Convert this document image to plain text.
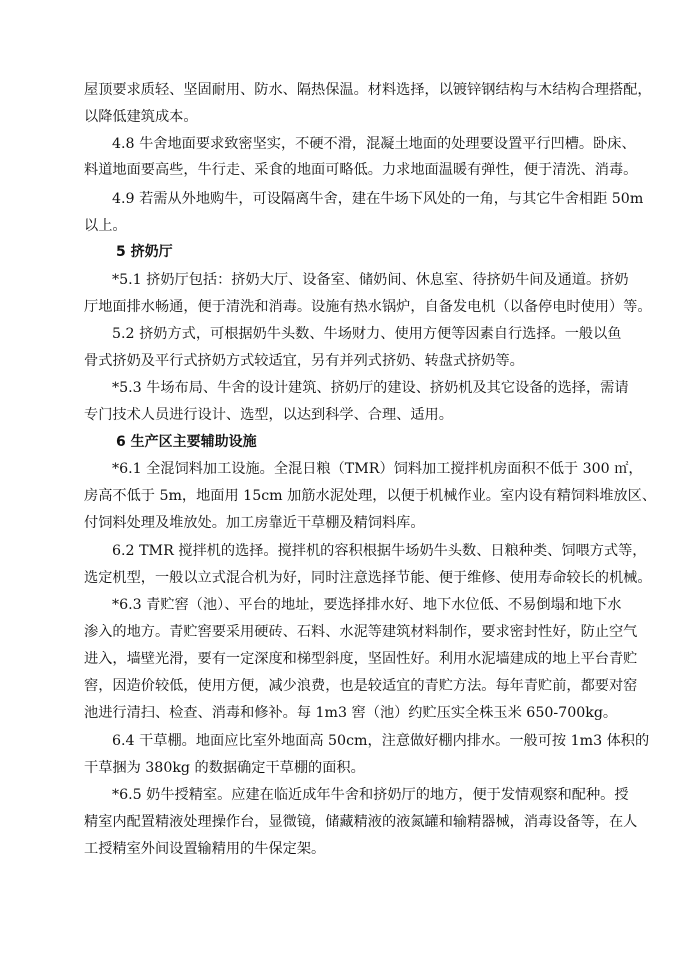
屋顶要求质轻、坚固耐用、防水、隔热保温。材料选择，以镀锌钢结构与木结构合理搭配，
以降低建筑成本。
4.8 牛舍地面要求致密坚实，不硬不滑，混凝土地面的处理要设置平行凹槽。卧床、
料道地面要高些，牛行走、采食的地面可略低。力求地面温暖有弹性，便于清洗、消毒。
4.9 若需从外地购牛，可设隔离牛舍，建在牛场下风处的一角，与其它牛舍相距 50m
以上。
5 挤奶厅
*5.1 挤奶厅包括：挤奶大厅、设备室、储奶间、休息室、待挤奶牛间及通道。挤奶
厅地面排水畅通，便于清洗和消毒。设施有热水锅炉，自备发电机（以备停电时使用）等。
5.2 挤奶方式，可根据奶牛头数、牛场财力、使用方便等因素自行选择。一般以鱼
骨式挤奶及平行式挤奶方式较适宜，另有并列式挤奶、转盘式挤奶等。
*5.3 牛场布局、牛舍的设计建筑、挤奶厅的建设、挤奶机及其它设备的选择，需请
专门技术人员进行设计、选型，以达到科学、合理、适用。
6 生产区主要辅助设施
*6.1 全混饲料加工设施。全混日粮（TMR）饲料加工搅拌机房面积不低于 300 ㎡，
房高不低于 5m，地面用 15cm 加筋水泥处理，以便于机械作业。室内设有精饲料堆放区、
付饲料处理及堆放处。加工房靠近干草棚及精饲料库。
6.2 TMR 搅拌机的选择。搅拌机的容积根据牛场奶牛头数、日粮种类、饲喂方式等，
选定机型，一般以立式混合机为好，同时注意选择节能、便于维修、使用寿命较长的机械。
*6.3 青贮窖（池）、平台的地址，要选择排水好、地下水位低、不易倒塌和地下水
渗入的地方。青贮窖要采用硬砖、石料、水泥等建筑材料制作，要求密封性好，防止空气
进入，墙壁光滑，要有一定深度和梯型斜度，坚固性好。利用水泥墙建成的地上平台青贮
窖，因造价较低，使用方便，减少浪费，也是较适宜的青贮方法。每年青贮前，都要对窑
池进行清扫、检查、消毒和修补。每 1m3 窖（池）约贮压实全株玉米 650-700kg。
6.4 干草棚。地面应比室外地面高 50cm，注意做好棚内排水。一般可按 1m3 体积的
干草捆为 380kg 的数据确定干草棚的面积。
*6.5 奶牛授精室。应建在临近成年牛舍和挤奶厅的地方，便于发情观察和配种。授
精室内配置精液处理操作台，显微镜，储藏精液的液氮罐和输精器械，消毒设备等，在人
工授精室外间设置输精用的牛保定架。
